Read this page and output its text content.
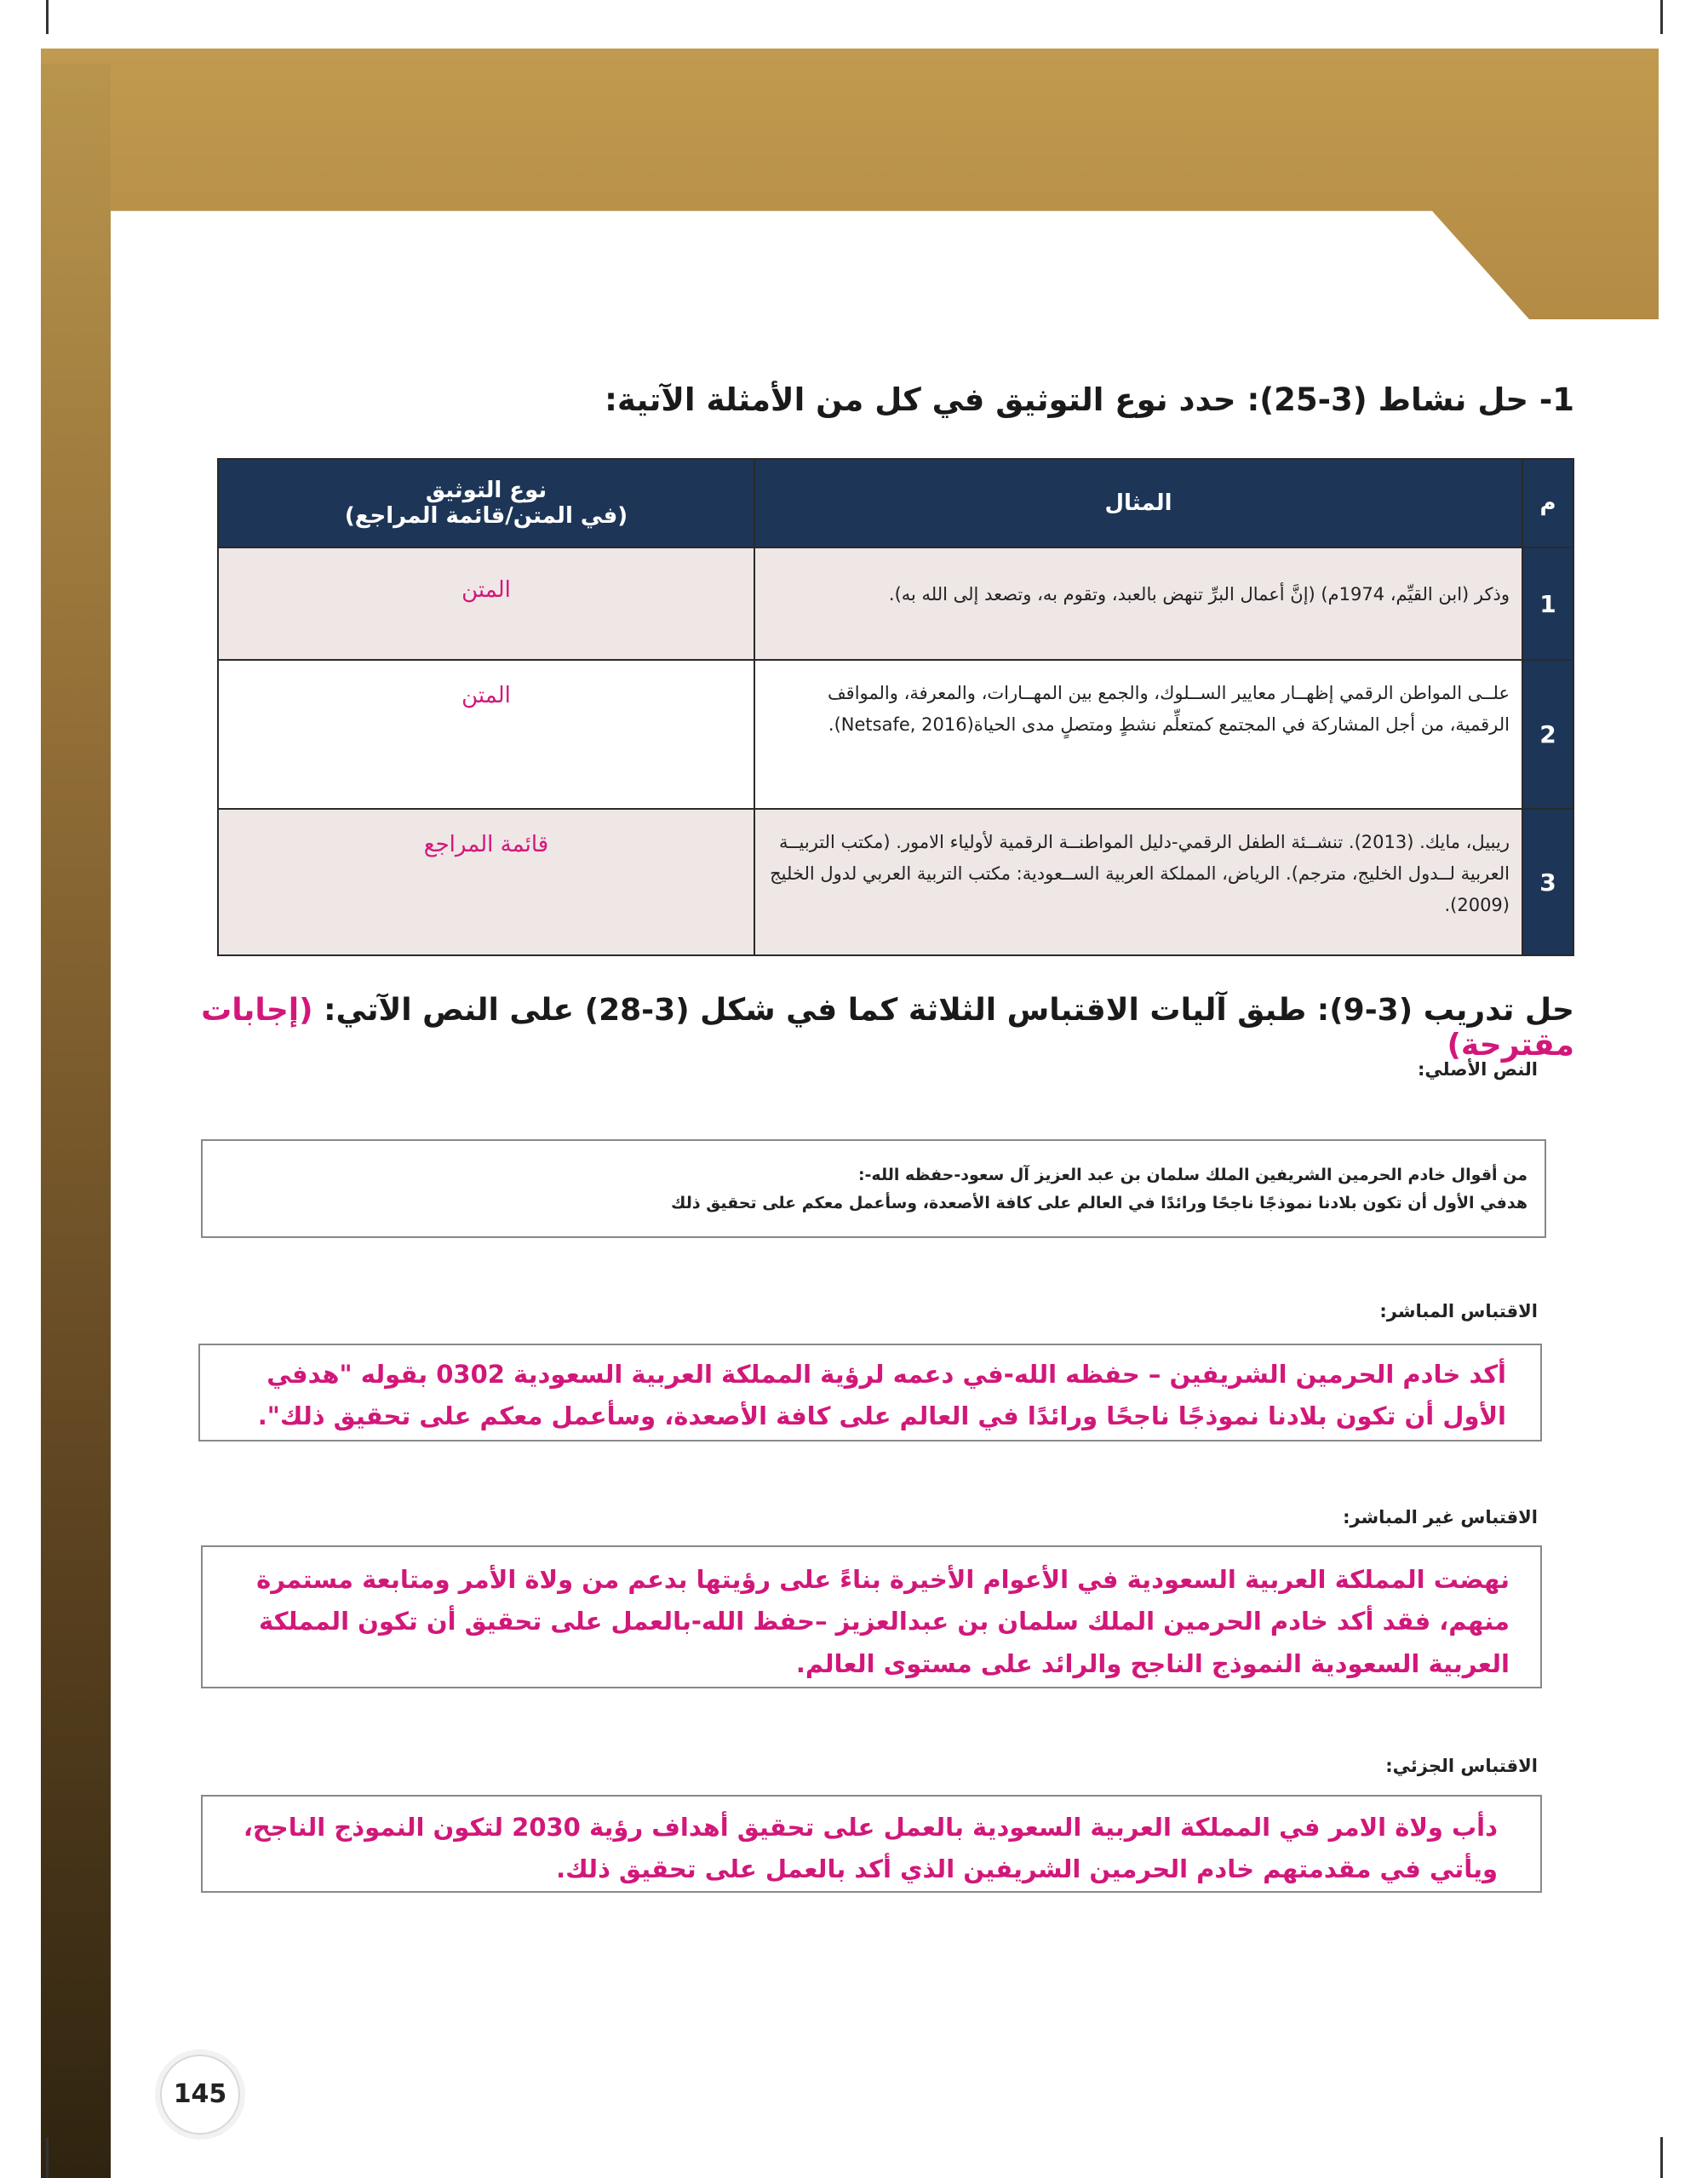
1- حل نشاط (3-25): حدد نوع التوثيق في كل من الأمثلة الآتية:
م	المثال	نوع التوثيق
(في المتن/قائمة المراجع)

1	وذكر (ابن القيِّم، 1974م) (إنَّ أعمال البرِّ تنهض بالعبد، وتقوم به، وتصعد إلى الله به).	المتن
2	علــى المواطن الرقمي إظهــار معايير الســلوك، والجمع بين المهــارات، والمعرفة، والمواقف الرقمية، من أجل المشاركة في المجتمع كمتعلِّم نشطٍ ومتصلٍ مدى الحياة(Netsafe, 2016).	المتن
3	ريبيل، مايك. (2013). تنشــئة الطفل الرقمي-دليل المواطنــة الرقمية لأولياء الامور. (مكتب التربيــة العربية لــدول الخليج، مترجم). الرياض، المملكة العربية الســعودية: مكتب التربية العربي لدول الخليج (2009).	قائمة المراجع
حل تدريب (3-9): طبق آليات الاقتباس الثلاثة كما في شكل (3-28) على النص الآتي: (إجابات مقترحة)
النص الأصلي:

من أقوال خادم الحرمين الشريفين الملك سلمان بن عبد العزيز آل سعود-حفظه الله-:

هدفي الأول أن تكون بلادنا نموذجًا ناجحًا ورائدًا في العالم على كافة الأصعدة، وسأعمل معكم على تحقيق ذلك

الاقتباس المباشر:

أكد خادم الحرمين الشريفين – حفظه الله-في دعمه لرؤية المملكة العربية السعودية 0302 بقوله "هدفي الأول أن تكون بلادنا نموذجًا ناجحًا ورائدًا في العالم على كافة الأصعدة، وسأعمل معكم على تحقيق ذلك".

الاقتباس غير المباشر:

نهضت المملكة العربية السعودية في الأعوام الأخيرة بناءً على رؤيتها بدعم من ولاة الأمر ومتابعة مستمرة منهم، فقد أكد خادم الحرمين الملك سلمان بن عبدالعزيز –حفظ الله-بالعمل على تحقيق أن تكون المملكة العربية السعودية النموذج الناجح والرائد على مستوى العالم.

الاقتباس الجزئي:

دأب ولاة الامر في المملكة العربية السعودية بالعمل على تحقيق أهداف رؤية 2030 لتكون النموذج الناجح، ويأتي في مقدمتهم خادم الحرمين الشريفين الذي أكد بالعمل على تحقيق ذلك.

145
